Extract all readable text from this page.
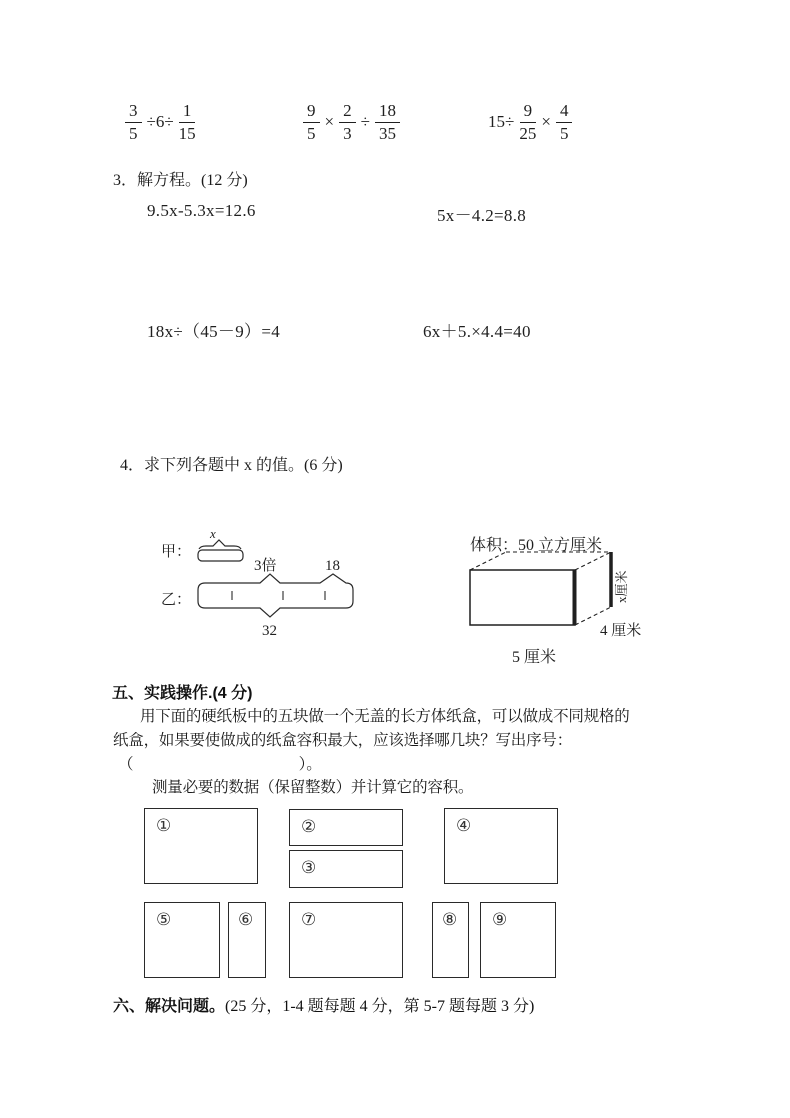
$\frac{3}{5} \div 6\div \frac{1}{15}$	$\frac{9}{5} \times \frac{2}{3} \div \frac{18}{35}$	$15\div \frac{9}{25} \times \frac{4}{5}$
3．解方程。(12 分)
9.5x-5.3x=12.6	5x－4.2=8.8
18x÷（45－9）=4	6x＋5.×4.4=40
4．求下列各题中 x 的值。(6 分)
x
甲：
3倍	18
乙：
32
体积：50 立方厘米
x厘米
4 厘米
5 厘米
五、实践操作.(4 分)
用下面的硬纸板中的五块做一个无盖的长方体纸盒，可以做成不同规格的
纸盒，如果要使做成的纸盒容积最大，应该选择哪几块？写出序号：
（                                             ）。
测量必要的数据（保留整数）并计算它的容积。
①	②
③
④
⑤	⑥	⑦	⑧ ⑨
六、解决问题。(25 分，1-4 题每题 4 分，第 5-7 题每题 3 分)
